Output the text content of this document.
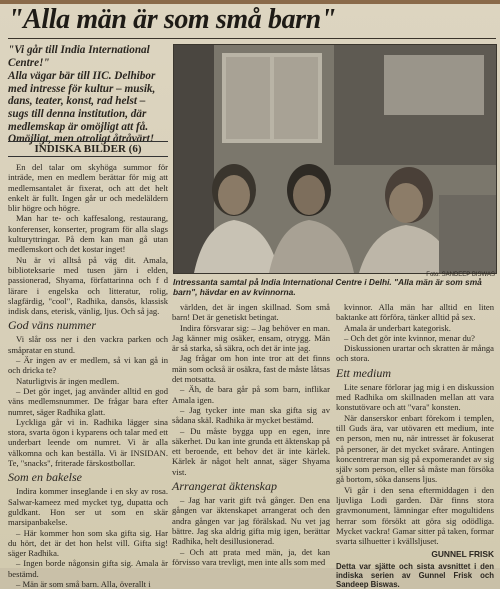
"Alla män är som små barn"

"Vi går till India International Centre!"

Alla vägar bär till IIC. Delhibor med intresse för kultur – musik, dans, teater, konst, rad helst – sugs till denna institution, där medlemskap är omöjligt att få. Omöjligt, men otroligt åtråvärt!

INDISKA BILDER (6)
Foto: SANDEEP BISWAS
Intressanta samtal på India International Centre i Delhi. "Alla män är som små barn", hävdar en av kvinnorna.

En del talar om skyhöga summor för inträde, men en medlem berättar för mig att medlemsantalet är fixerat, och att det helt enkelt är fullt. Ingen går ur och medeläldern blir högre och högre.

Man har te- och kaffesalong, restaurang, konferenser, konserter, program för alla slags kulturyttringar. På dem kan man gå utan medlemskort och det kostar inget!

Nu är vi alltså på väg dit. Amala, biblioteksarie med tusen järn i elden, passionerad, Shyama, författarinna och f d lärare i engelska och litteratur, rolig, slagfärdig, "cool", Radhika, dansös, klassisk indisk dans, eterisk, vänlig, ljus. Och så jag.

God väns nummer

Vi slår oss ner i den vackra parken och småpratar en stund.

– Är ingen av er medlem, så vi kan gå in och dricka te?

Naturligtvis är ingen medlem.

– Det gör inget, jag använder alltid en god väns medlemsnummer. De frågar bara efter numret, säger Radhika glatt.

Lyckliga går vi in. Radhika lägger sina stora, svarta ögon i kyparens och talar med ett underbart leende om numret. Vi är alla välkomna och kan beställa. Vi är INSIDAN. Te, "snacks", friterade färskostbollar.

Som en bakelse

Indira kommer inseglande i en sky av rosa. Salwar-kameez med mycket tyg, dupatta och guldkant. Hon ser ut som en skär marsipanbakelse.

– Här kommer hon som ska gifta sig. Har du hört, det är det hon helst vill. Gifta sig! säger Radhika.

– Ingen borde någonsin gifta sig. Amala är bestämd.

– Män är som små barn. Alla, överallt i

världen, det är ingen skillnad. Som små barn! Det är genetiskt betingat.

Indira försvarar sig: – Jag behöver en man. Jag känner mig osäker, ensam, otrygg. Män är så starka, så säkra, och det är inte jag.

Jag frågar om hon inte tror att det finns män som också är osäkra, fast de måste låtsas det motsatta.

– Äh, de bara går på som barn, inflikar Amala igen.

– Jag tycker inte man ska gifta sig av sådana skäl. Radhika är mycket bestämd.

– Du måste bygga upp en egen, inre säkerhet. Du kan inte grunda ett äktenskap på ett beroende, ett behov det är inte kärlek. Kärlek är något helt annat, säger Shyama vist.

Arrangerat äktenskap

– Jag har varit gift två gånger. Den ena gången var äktenskapet arrangerat och den andra gången var jag förälskad. Nu vet jag bättre. Jag ska aldrig gifta mig igen, berättar Radhika, helt desillusionerad.

– Och att prata med män, ja, det kan förvisso vara trevligt, men inte alls som med

kvinnor. Alla män har alltid en liten baktanke att förföra, tänker alltid på sex.

Amala är underbart kategorisk.

– Och det gör inte kvinnor, menar du?

Diskussionen urartar och skratten är många och stora.

Ett medium

Lite senare förlorar jag mig i en diskussion med Radhika om skillnaden mellan att vara konstutövare och att "vara" konsten.

När danserskor enbart förekom i templen, till Guds ära, var utövaren ett medium, inte en person, men nu, när intresset är fokuserat på personer, är det mycket svårare. Antingen koncentrerar man sig på expomerandet av sig själv som person, eller så måste man försöka gå bortom, söka dansens ljus.

Vi går i den sena eftermiddagen i den ljuvliga Lodi garden. Där finns stora gravmonument, lämningar efter mogultidens herrar som försökt att göra sig odödliga. Mycket vackra! Gamar sitter på taken, formar svarta silhuetter i kvällsljuset.

GUNNEL FRISK
Detta var sjätte och sista avsnittet i den indiska serien av Gunnel Frisk och Sandeep Biswas.
